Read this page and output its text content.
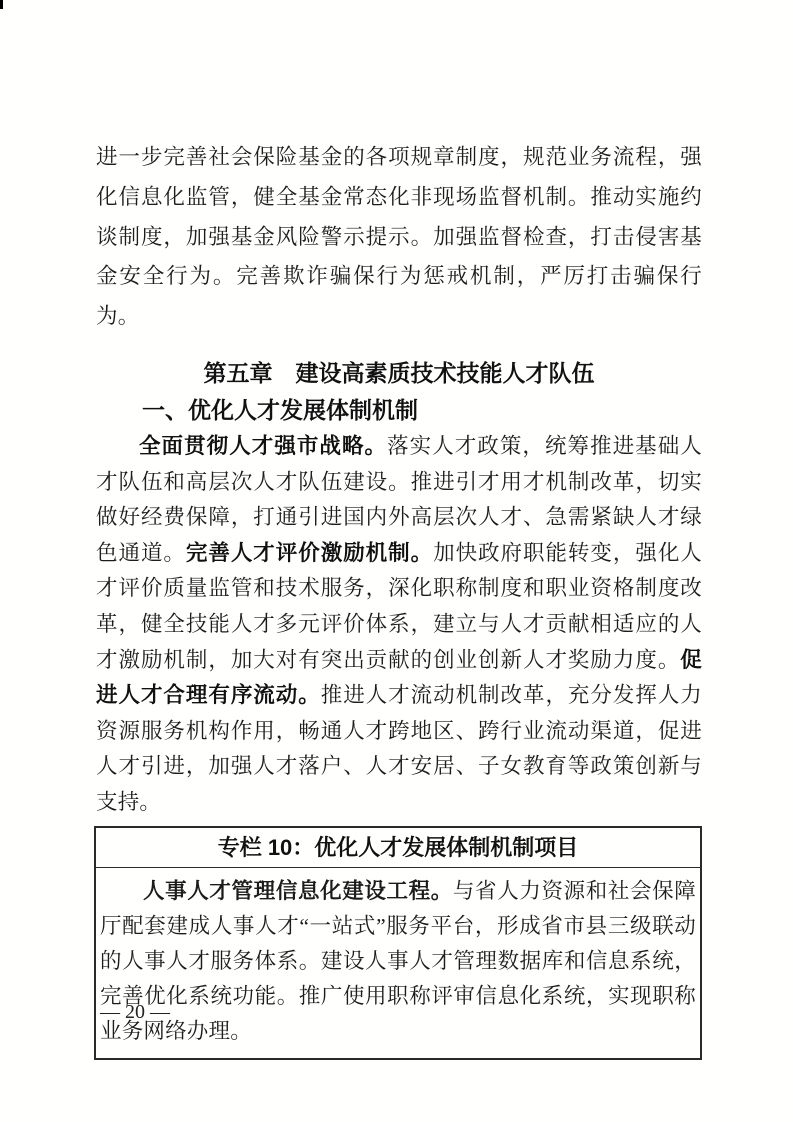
进一步完善社会保险基金的各项规章制度，规范业务流程，强化信息化监管，健全基金常态化非现场监督机制。推动实施约谈制度，加强基金风险警示提示。加强监督检查，打击侵害基金安全行为。完善欺诈骗保行为惩戒机制，严厉打击骗保行为。

第五章　建设高素质技术技能人才队伍
一、优化人才发展体制机制

全面贯彻人才强市战略。落实人才政策，统筹推进基础人才队伍和高层次人才队伍建设。推进引才用才机制改革，切实做好经费保障，打通引进国内外高层次人才、急需紧缺人才绿色通道。完善人才评价激励机制。加快政府职能转变，强化人才评价质量监管和技术服务，深化职称制度和职业资格制度改革，健全技能人才多元评价体系，建立与人才贡献相适应的人才激励机制，加大对有突出贡献的创业创新人才奖励力度。促进人才合理有序流动。推进人才流动机制改革，充分发挥人力资源服务机构作用，畅通人才跨地区、跨行业流动渠道，促进人才引进，加强人才落户、人才安居、子女教育等政策创新与支持。

专栏 10：优化人才发展体制机制项目

人事人才管理信息化建设工程。与省人力资源和社会保障厅配套建成人事人才“一站式”服务平台，形成省市县三级联动的人事人才服务体系。建设人事人才管理数据库和信息系统，完善优化系统功能。推广使用职称评审信息化系统，实现职称业务网络办理。

— 20 —
